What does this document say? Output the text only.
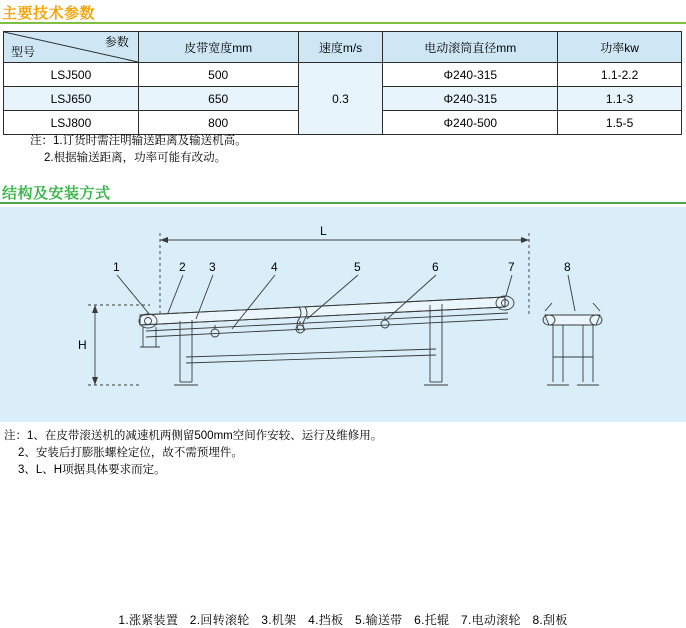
主要技术参数
型号
参数	皮带宽度mm	速度m/s	电动滚筒直径mm	功率kw
LSJ500	500	0.3	Φ240-315	1.1-2.2
LSJ650	650		Φ240-315	1.1-3
LSJ800	800		Φ240-500	1.5-5
注：1.订货时需注明输送距离及输送机高。
2.根据输送距离，功率可能有改动。
结构及安装方式
L
H
1	2 3	4	5	6	7	8
1.涨紧装置 2.回转滚轮 3.机架 4.挡板 5.输送带 6.托辊 7.电动滚轮 8.刮板
注：1、在皮带滚送机的减速机两侧留500mm空间作安较、运行及维修用。
2、安装后打膨胀螺栓定位，故不需预埋件。
3、L、H项据具体要求而定。
